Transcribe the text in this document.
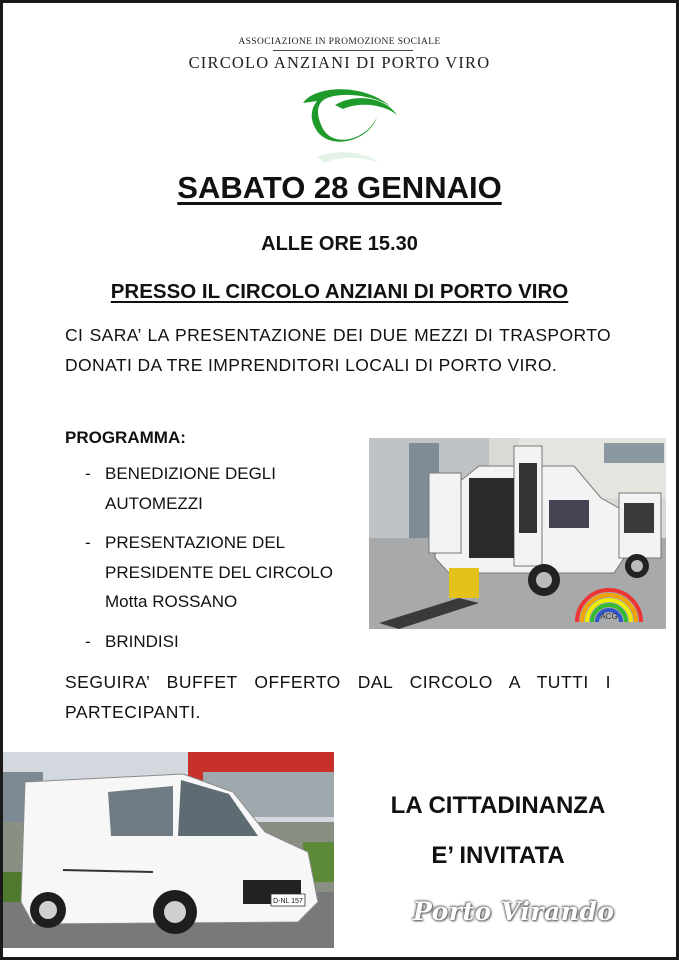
ASSOCIAZIONE IN PROMOZIONE SOCIALE
CIRCOLO ANZIANI DI PORTO VIRO
SABATO 28 GENNAIO
ALLE ORE 15.30
PRESSO IL CIRCOLO ANZIANI DI PORTO VIRO
CI SARA’ LA PRESENTAZIONE DEI DUE MEZZI DI TRASPORTO DONATI DA TRE IMPRENDITORI LOCALI DI PORTO VIRO.
PROGRAMMA:
- BENEDIZIONE DEGLI AUTOMEZZI
- PRESENTAZIONE DEL PRESIDENTE DEL CIRCOLO Motta ROSSANO
- BRINDISI
ACG
SEGUIRA’ BUFFET OFFERTO DAL CIRCOLO A TUTTI I PARTECIPANTI.
D-NL 157
LA CITTADINANZA
E’ INVITATA
Porto Virando
